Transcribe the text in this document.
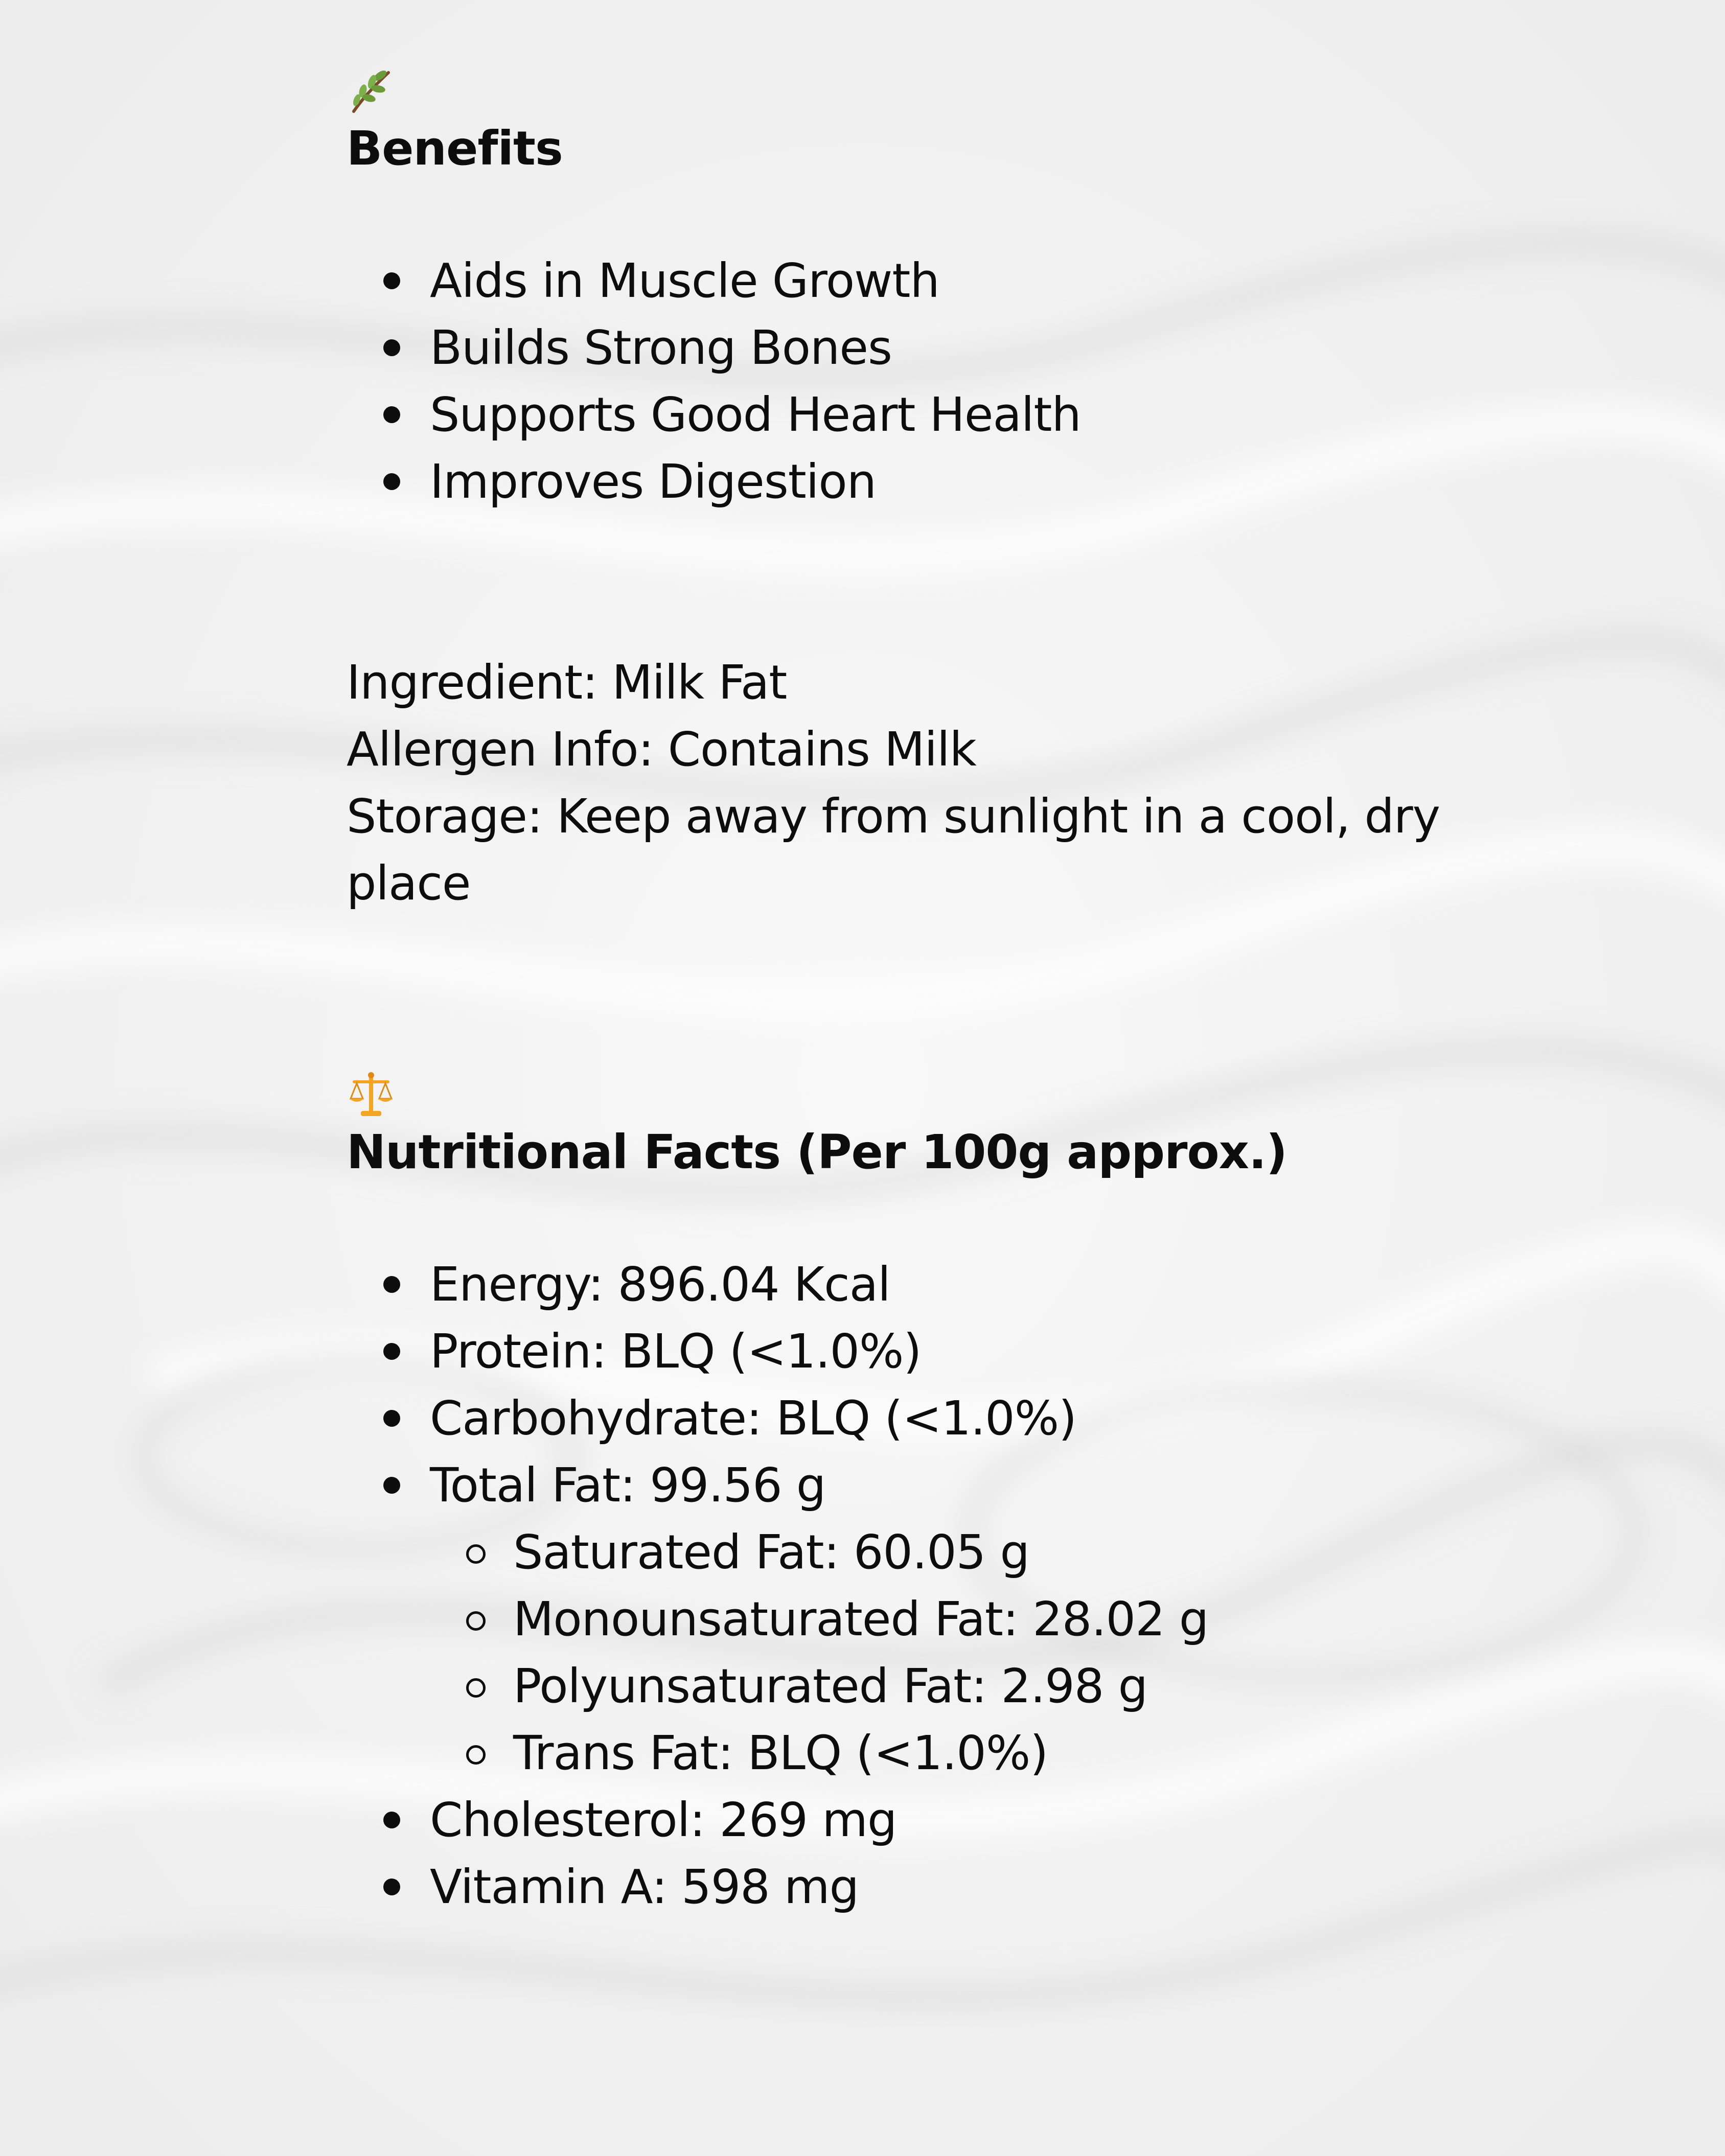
Benefits
Aids in Muscle Growth
Builds Strong Bones
Supports Good Heart Health
Improves Digestion
Ingredient: Milk Fat
Allergen Info: Contains Milk
Storage: Keep away from sunlight in a cool, dry place
Nutritional Facts (Per 100g approx.)
Energy: 896.04 Kcal
Protein: BLQ (<1.0%)
Carbohydrate: BLQ (<1.0%)
Total Fat: 99.56 g
Saturated Fat: 60.05 g
Monounsaturated Fat: 28.02 g
Polyunsaturated Fat: 2.98 g
Trans Fat: BLQ (<1.0%)
Cholesterol: 269 mg
Vitamin A: 598 mg
